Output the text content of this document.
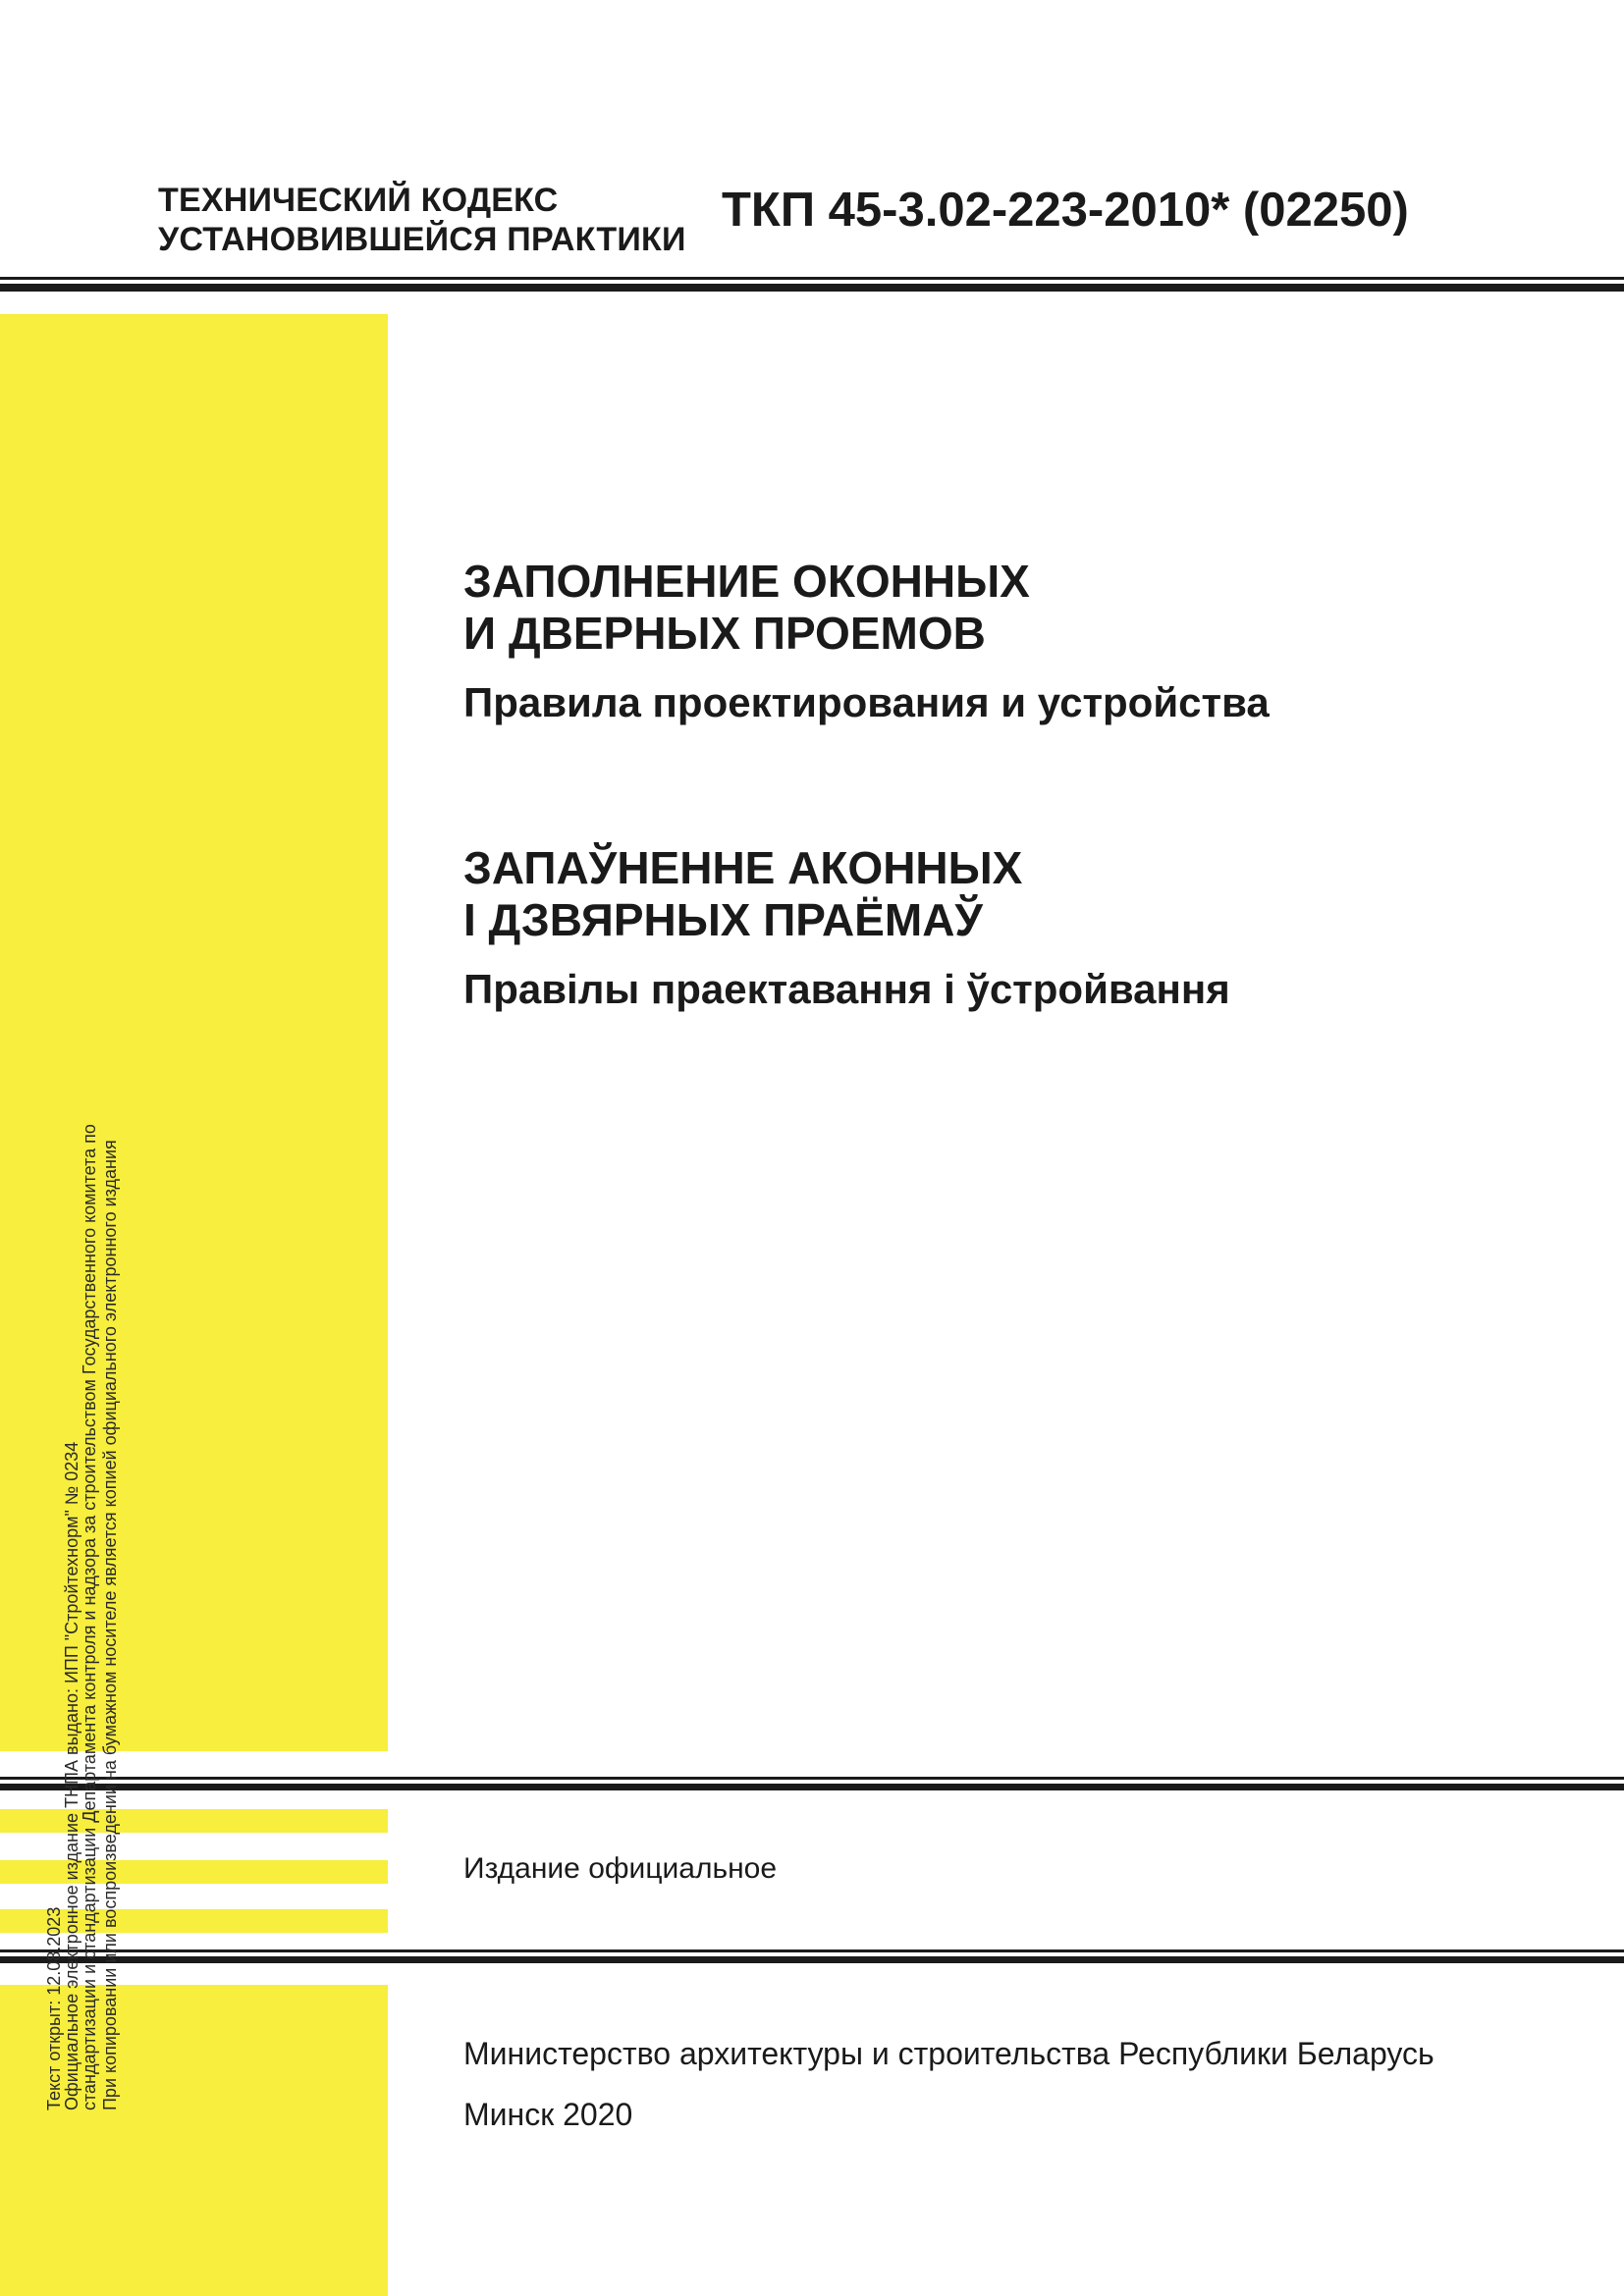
ТЕХНИЧЕСКИЙ КОДЕКС
УСТАНОВИВШЕЙСЯ ПРАКТИКИ
ТКП 45-3.02-223-2010* (02250)
ЗАПОЛНЕНИЕ ОКОННЫХ
И ДВЕРНЫХ ПРОЕМОВ
Правила проектирования и устройства
ЗАПАЎНЕННЕ АКОННЫХ
І ДЗВЯРНЫХ ПРАЁМАЎ
Правілы праектавання і ўстройвання
Издание официальное
Министерство архитектуры и строительства Республики Беларусь
Минск 2020
Текст открыт: 12.08.2023
Официальное электронное издание ТНПА выдано: ИПП "Стройтехнорм" № 0234
стандартизации и стандартизации Департамента контроля и надзора за строительством Государственного комитета по При копировании или воспроизведении на бумажном носителе является копией официального электронного издания
